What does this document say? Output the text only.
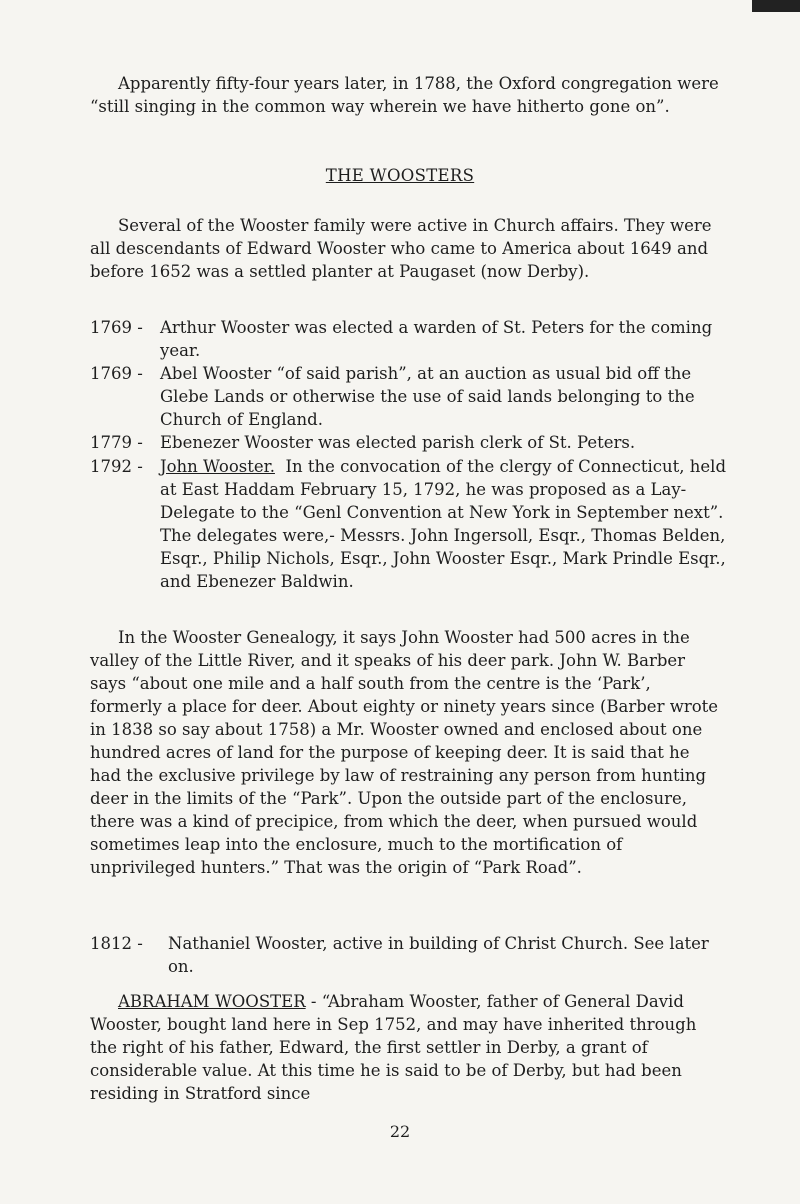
Apparently fifty-four years later, in 1788, the Oxford congregation were “still singing in the common way wherein we have hitherto gone on”.

THE WOOSTERS

Several of the Wooster family were active in Church affairs. They were all descendants of Edward Wooster who came to America about 1649 and before 1652 was a settled planter at Paugaset (now Derby).

1769 -	Arthur Wooster was elected a warden of St. Peters for the coming year.
1769 -	Abel Wooster “of said parish”, at an auction as usual bid off the Glebe Lands or otherwise the use of said lands belonging to the Church of England.
1779 -	Ebenezer Wooster was elected parish clerk of St. Peters.
1792 -	John Wooster. In the convocation of the clergy of Connecticut, held at East Haddam February 15, 1792, he was proposed as a Lay-Delegate to the “Genl Convention at New York in September next”. The delegates were,- Messrs. John Ingersoll, Esqr., Thomas Belden, Esqr., Philip Nichols, Esqr., John Wooster Esqr., Mark Prindle Esqr., and Ebenezer Baldwin.

In the Wooster Genealogy, it says John Wooster had 500 acres in the valley of the Little River, and it speaks of his deer park. John W. Barber says “about one mile and a half south from the centre is the ‘Park’, formerly a place for deer. About eighty or ninety years since (Barber wrote in 1838 so say about 1758) a Mr. Wooster owned and enclosed about one hundred acres of land for the purpose of keeping deer. It is said that he had the exclusive privilege by law of restraining any person from hunting deer in the limits of the “Park”. Upon the outside part of the enclosure, there was a kind of precipice, from which the deer, when pursued would sometimes leap into the enclosure, much to the mortification of unprivileged hunters.” That was the origin of “Park Road”.

1812 -	Nathaniel Wooster, active in building of Christ Church. See later on.

ABRAHAM WOOSTER - “Abraham Wooster, father of General David Wooster, bought land here in Sep 1752, and may have inherited through the right of his father, Edward, the first settler in Derby, a grant of considerable value. At this time he is said to be of Derby, but had been residing in Stratford since

22
